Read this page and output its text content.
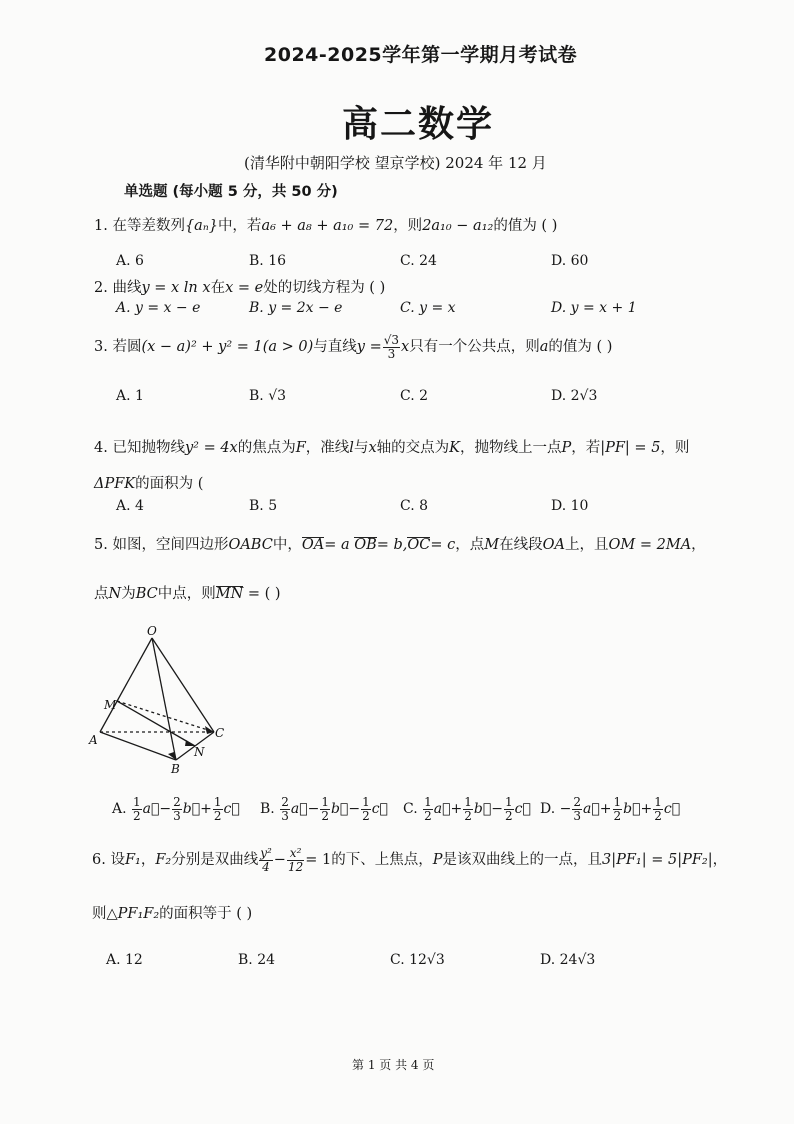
2024-2025学年第一学期月考试卷
高二数学
(清华附中朝阳学校 望京学校) 2024 年 12 月
单选题 (每小题 5 分，共 50 分)
1. 在等差数列{aₙ}中，若a₆ + a₈ + a₁₀ = 72，则2a₁₀ − a₁₂的值为 ( )
A. 6	B. 16	C. 24	D. 60
2. 曲线y = x ln x在x = e处的切线方程为 ( )
A. y = x − e	B. y = 2x − e	C. y = x	D. y = x + 1
3. 若圆(x − a)² + y² = 1(a > 0)与直线$y = \frac{√3}{3}$ x只有一个公共点，则a的值为 ( )
A. 1	B. √3	C. 2	D. 2√3
4. 已知抛物线y² = 4x的焦点为F，准线l与x轴的交点为K，抛物线上一点P，若|PF| = 5，则
ΔPFK的面积为 (
A. 4	B. 5	C. 8	D. 10
5. 如图，空间四边形OABC中，OA= a OB= b,OC= c，点M在线段OA上，且OM = 2MA，
点N为BC中点，则MN = ( )
O
M
A
B
C
N
A. $\frac{1}{2}$ a⃗− $\frac{2}{3}$ b⃗+ $\frac{1}{2}$ c⃗ B. $\frac{2}{3}$ a⃗− $\frac{1}{2}$ b⃗− $\frac{1}{2}$ c⃗ C. $\frac{1}{2}$ a⃗+ $\frac{1}{2}$ b⃗− $\frac{1}{2}$ c⃗ D. − $\frac{2}{3}$ a⃗+ $\frac{1}{2}$ b⃗+ $\frac{1}{2}$ c⃗
6. 设F₁，F₂分别是双曲线 $\frac{\text{y²}}{4} - \frac{\text{x²}}{12} = 1$的下、上焦点，P是该双曲线上的一点，且3|PF₁| = 5|PF₂|，
则△PF₁F₂的面积等于 ( )
A. 12	B. 24	C. 12√3	D. 24√3
第 1 页 共 4 页
